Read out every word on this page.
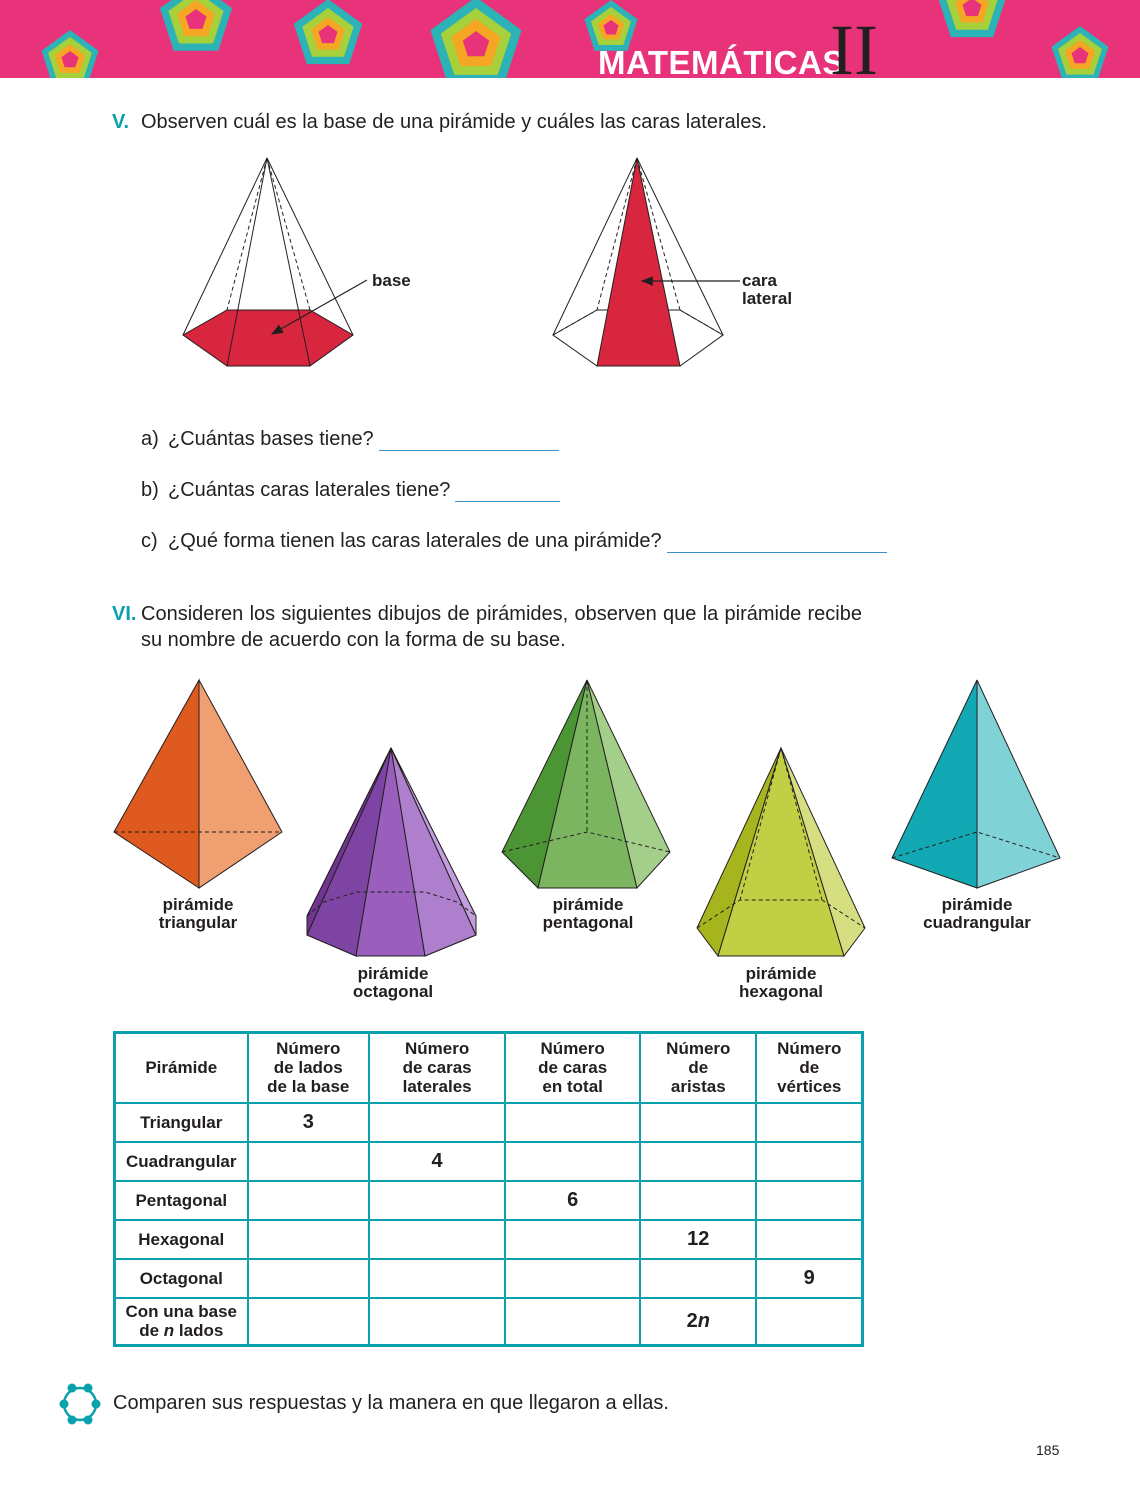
MATEMÁTICAS
II
V. Observen cuál es la base de una pirámide y cuáles las caras laterales.
base	cara
lateral
a) ¿Cuántas bases tiene?
b) ¿Cuántas caras laterales tiene?
c) ¿Qué forma tienen las caras laterales de una pirámide?
VI. Consideren los siguientes dibujos de pirámides, observen que la pirámide recibe su nombre de acuerdo con la forma de su base.
pirámide
triangular
pirámide
octagonal
pirámide
pentagonal
pirámide
hexagonal
pirámide
cuadrangular
Pirámide	Número de lados de la base	Número de caras laterales	Número de caras en total	Número de aristas	Número de vértices
Triangular	3				
Cuadrangular		4			
Pentagonal			6		
Hexagonal				12	
Octagonal					9

Con una base
de n lados				2n	
Comparen sus respuestas y la manera en que llegaron a ellas.
185
